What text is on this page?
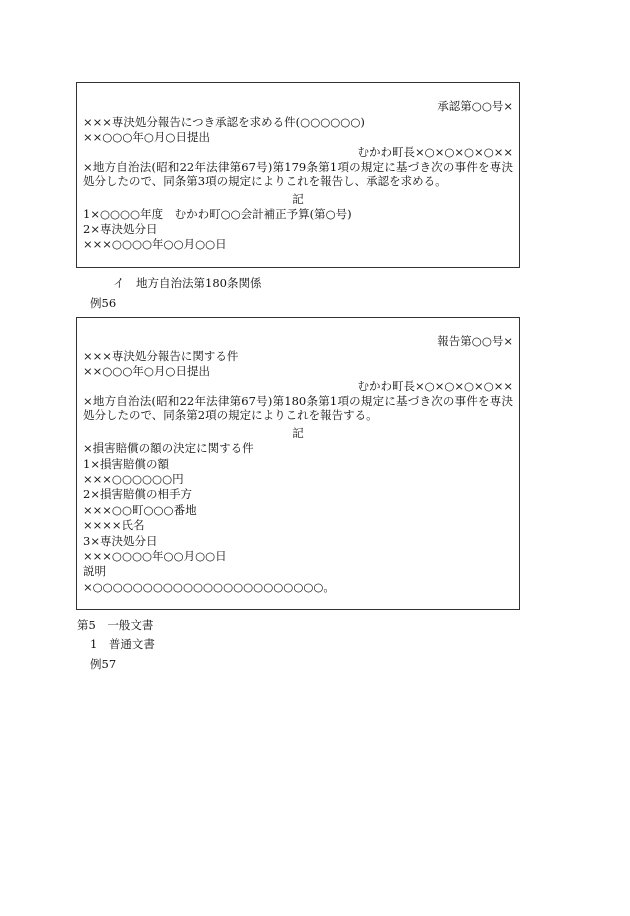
承認第○○号×
×××専決処分報告につき承認を求める件(○○○○○○)
××○○○年○月○日提出
むかわ町長×○×○×○×○××
×地方自治法(昭和22年法律第67号)第179条第1項の規定に基づき次の事件を専決処分したので、同条第3項の規定によりこれを報告し、承認を求める。
記
1×○○○○年度　むかわ町○○会計補正予算(第○号)
2×専決処分日
×××○○○○年○○月○○日
イ　地方自治法第180条関係
例56
報告第○○号×
×××専決処分報告に関する件
××○○○年○月○日提出
むかわ町長×○×○×○×○××
×地方自治法(昭和22年法律第67号)第180条第1項の規定に基づき次の事件を専決処分したので、同条第2項の規定によりこれを報告する。
記
×損害賠償の額の決定に関する件
1×損害賠償の額
×××○○○○○○円
2×損害賠償の相手方
×××○○町○○○番地
××××氏名
3×専決処分日
×××○○○○年○○月○○日
説明
×○○○○○○○○○○○○○○○○○○○○○○○。
第5　一般文書
1　普通文書
例57
